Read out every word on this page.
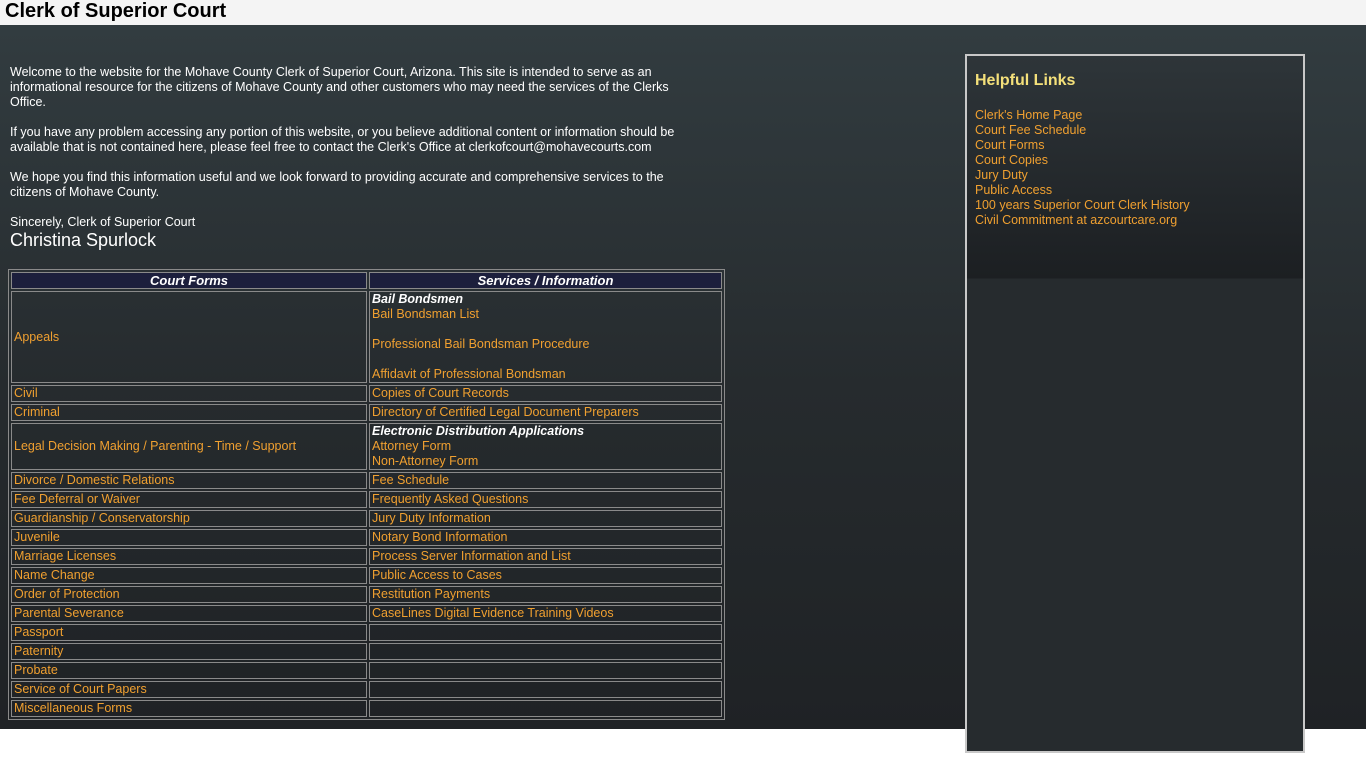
Clerk of Superior Court

Welcome to the website for the Mohave County Clerk of Superior Court, Arizona. This site is intended to serve as an informational resource for the citizens of Mohave County and other customers who may need the services of the Clerks Office.

If you have any problem accessing any portion of this website, or you believe additional content or information should be available that is not contained here, please feel free to contact the Clerk's Office at clerkofcourt@mohavecourts.com

We hope you find this information useful and we look forward to providing accurate and comprehensive services to the citizens of Mohave County.

Sincerely, Clerk of Superior Court

Christina Spurlock
Court Forms	Services / Information
Appeals	Bail Bondsmen
Bail Bondsman List
Professional Bail Bondsman Procedure
Affidavit of Professional Bondsman

Civil	Copies of Court Records
Criminal	Directory of Certified Legal Document Preparers
Legal Decision Making / Parenting - Time / Support	Electronic Distribution Applications
Attorney Form
Non-Attorney Form

Divorce / Domestic Relations	Fee Schedule
Fee Deferral or Waiver	Frequently Asked Questions
Guardianship / Conservatorship	Jury Duty Information
Juvenile	Notary Bond Information
Marriage Licenses	Process Server Information and List
Name Change	Public Access to Cases
Order of Protection	Restitution Payments
Parental Severance	CaseLines Digital Evidence Training Videos
Passport	
Paternity	
Probate	
Service of Court Papers	
Miscellaneous Forms	
Helpful Links
Clerk's Home Page
Court Fee Schedule
Court Forms
Court Copies
Jury Duty
Public Access
100 years Superior Court Clerk History
Civil Commitment at azcourtcare.org
